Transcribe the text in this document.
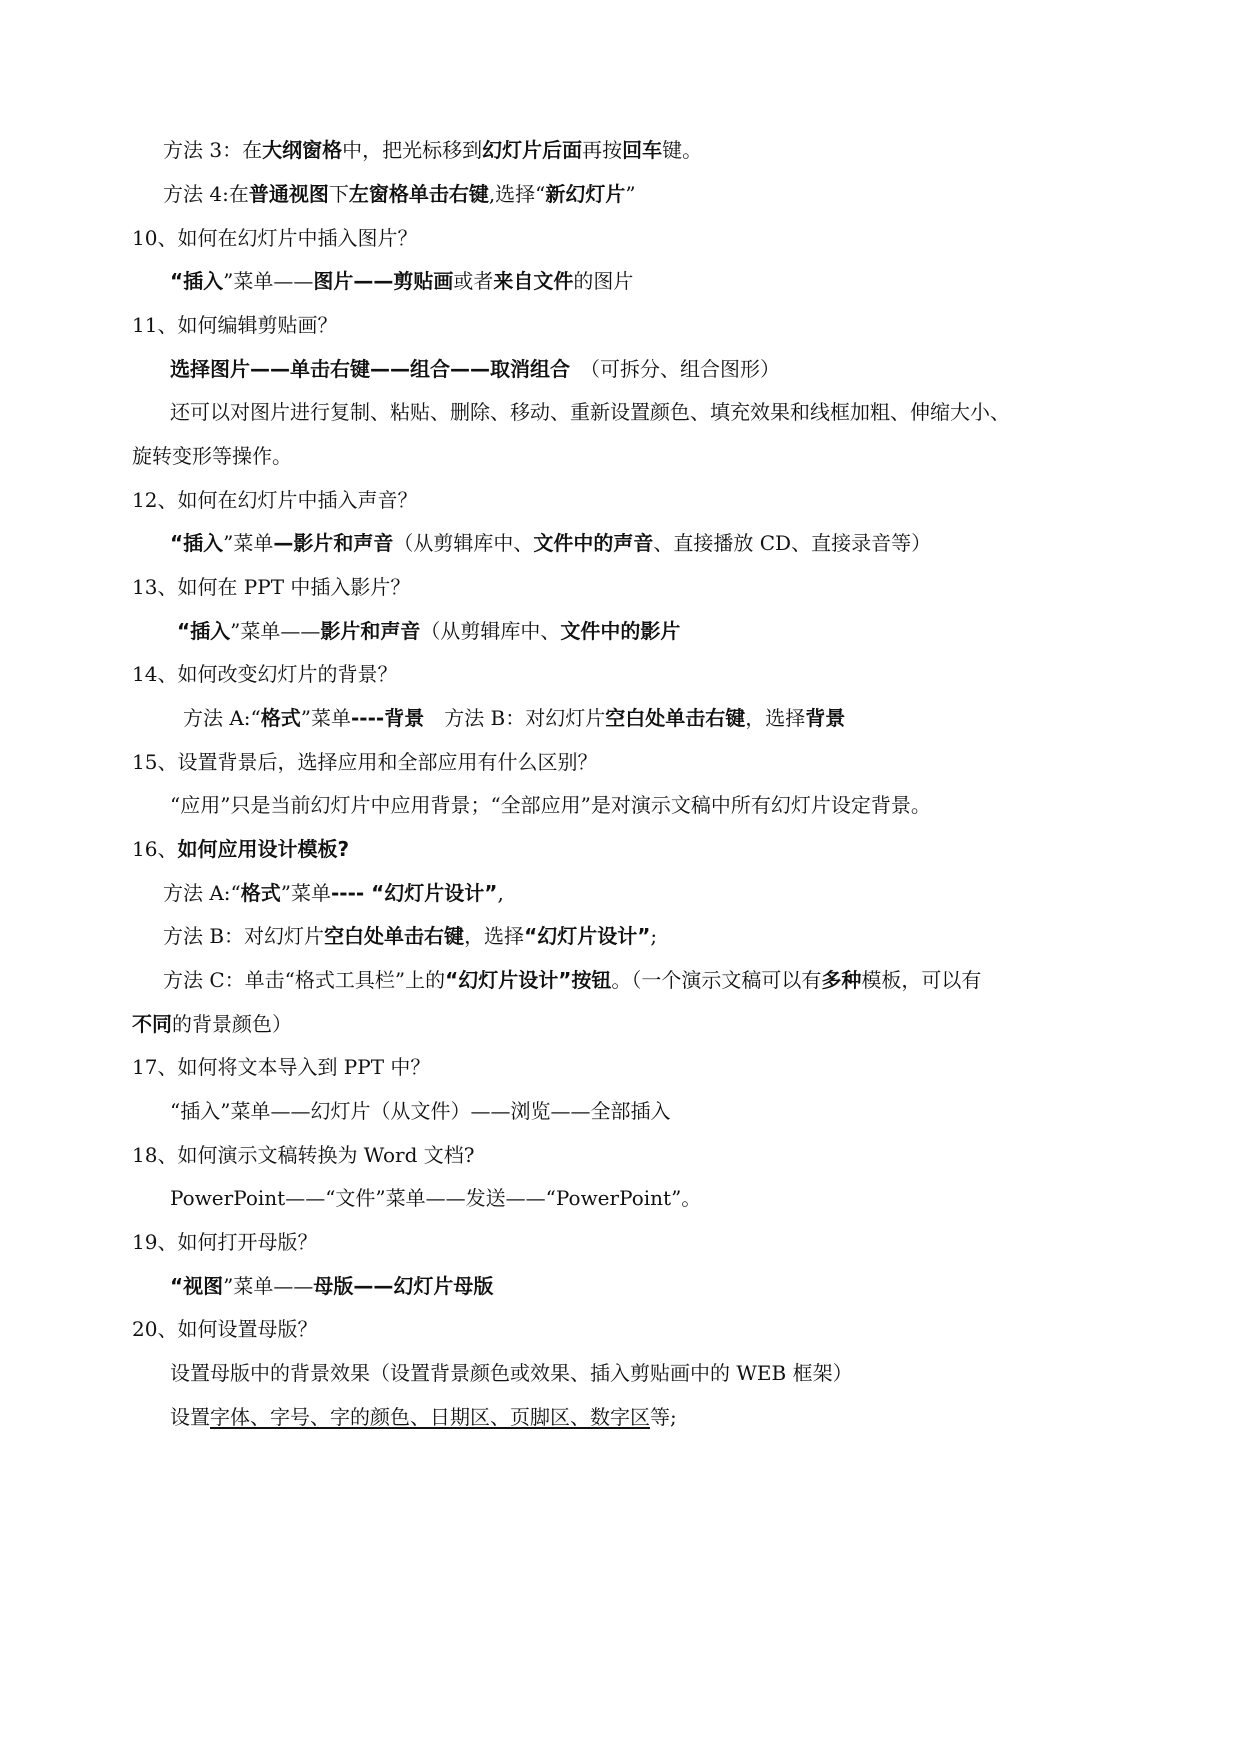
方法 3：在大纲窗格中，把光标移到幻灯片后面再按回车键。
方法 4:在普通视图下左窗格单击右键,选择“新幻灯片”
10、如何在幻灯片中插入图片？
“插入”菜单——图片——剪贴画或者来自文件的图片
11、如何编辑剪贴画？
选择图片——单击右键——组合——取消组合　（可拆分、组合图形）
还可以对图片进行复制、粘贴、删除、移动、重新设置颜色、填充效果和线框加粗、伸缩大小、
旋转变形等操作。
12、如何在幻灯片中插入声音？
“插入”菜单—影片和声音（从剪辑库中、文件中的声音、直接播放 CD、直接录音等）
13、如何在 PPT 中插入影片？
“插入”菜单——影片和声音（从剪辑库中、文件中的影片
14、如何改变幻灯片的背景？
方法 A:“格式”菜单----背景　方法 B：对幻灯片空白处单击右键，选择背景
15、设置背景后，选择应用和全部应用有什么区别？
“应用”只是当前幻灯片中应用背景；“全部应用”是对演示文稿中所有幻灯片设定背景。
16、如何应用设计模板?
方法 A:“格式”菜单---- “幻灯片设计”,
方法 B：对幻灯片空白处单击右键，选择“幻灯片设计”;
方法 C：单击“格式工具栏”上的“幻灯片设计”按钮。（一个演示文稿可以有多种模板，可以有
不同的背景颜色）
17、如何将文本导入到 PPT 中？
“插入”菜单——幻灯片（从文件）——浏览——全部插入
18、如何演示文稿转换为 Word 文档?
PowerPoint——“文件”菜单——发送——“PowerPoint”。
19、如何打开母版？
“视图”菜单——母版——幻灯片母版
20、如何设置母版？
设置母版中的背景效果（设置背景颜色或效果、插入剪贴画中的 WEB 框架）
设置字体、字号、字的颜色、日期区、页脚区、数字区等;
